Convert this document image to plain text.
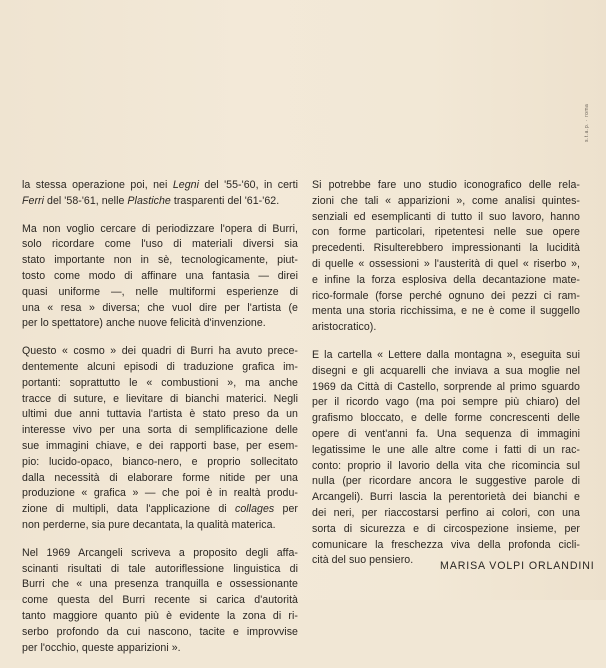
s.t.a.p. · roma

la stessa operazione poi, nei Legni del '55-'60, in certi
Ferri del '58-'61, nelle Plastiche trasparenti del '61-'62.

Ma non voglio cercare di periodizzare l'opera di Burri,
solo ricordare come l'uso di materiali diversi sia
stato importante non in sè, tecnologicamente, piut-
tosto come modo di affinare una fantasia — direi
quasi uniforme —, nelle multiformi esperienze di
una « resa » diversa; che vuol dire per l'artista (e
per lo spettatore) anche nuove felicità d'invenzione.

Questo « cosmo » dei quadri di Burri ha avuto prece-
dentemente alcuni episodi di traduzione grafica im-
portanti: soprattutto le « combustioni », ma anche
tracce di suture, e lievitare di bianchi materici. Negli
ultimi due anni tuttavia l'artista è stato preso da un
interesse vivo per una sorta di semplificazione delle
sue immagini chiave, e dei rapporti base, per esem-
pio: lucido-opaco, bianco-nero, e proprio sollecitato
dalla necessità di elaborare forme nitide per una
produzione « grafica » — che poi è in realtà produ-
zione di multipli, data l'applicazione di collages per
non perderne, sia pure decantata, la qualità materica.

Nel 1969 Arcangeli scriveva a proposito degli affa-
scinanti risultati di tale autoriflessione linguistica di
Burri che « una presenza tranquilla e ossessionante
come questa del Burri recente si carica d'autorità
tanto maggiore quanto più è evidente la zona di ri-
serbo profondo da cui nascono, tacite e improvvise
per l'occhio, queste apparizioni ».

Si potrebbe fare uno studio iconografico delle rela-
zioni che tali « apparizioni », come analisi quintes-
senziali ed esemplicanti di tutto il suo lavoro, hanno
con forme particolari, ripetentesi nelle sue opere
precedenti. Risulterebbero impressionanti la lucidità
di quelle « ossessioni » l'austerità di quel « riserbo »,
e infine la forza esplosiva della decantazione mate-
rico-formale (forse perché ognuno dei pezzi ci ram-
menta una storia ricchissima, e ne è come il suggello
aristocratico).

E la cartella « Lettere dalla montagna », eseguita sui
disegni e gli acquarelli che inviava a sua moglie nel
1969 da Città di Castello, sorprende al primo sguardo
per il ricordo vago (ma poi sempre più chiaro) del
grafismo bloccato, e delle forme concrescenti delle
opere di vent'anni fa. Una sequenza di immagini
legatissime le une alle altre come i fatti di un rac-
conto: proprio il lavorio della vita che ricomincia sul
nulla (per ricordare ancora le suggestive parole di
Arcangeli). Burri lascia la perentorietà dei bianchi e
dei neri, per riaccostarsi perfino ai colori, con una
sorta di sicurezza e di circospezione insieme, per
comunicare la freschezza viva della profonda cicli-
cità del suo pensiero.	MARISA VOLPI ORLANDINI
